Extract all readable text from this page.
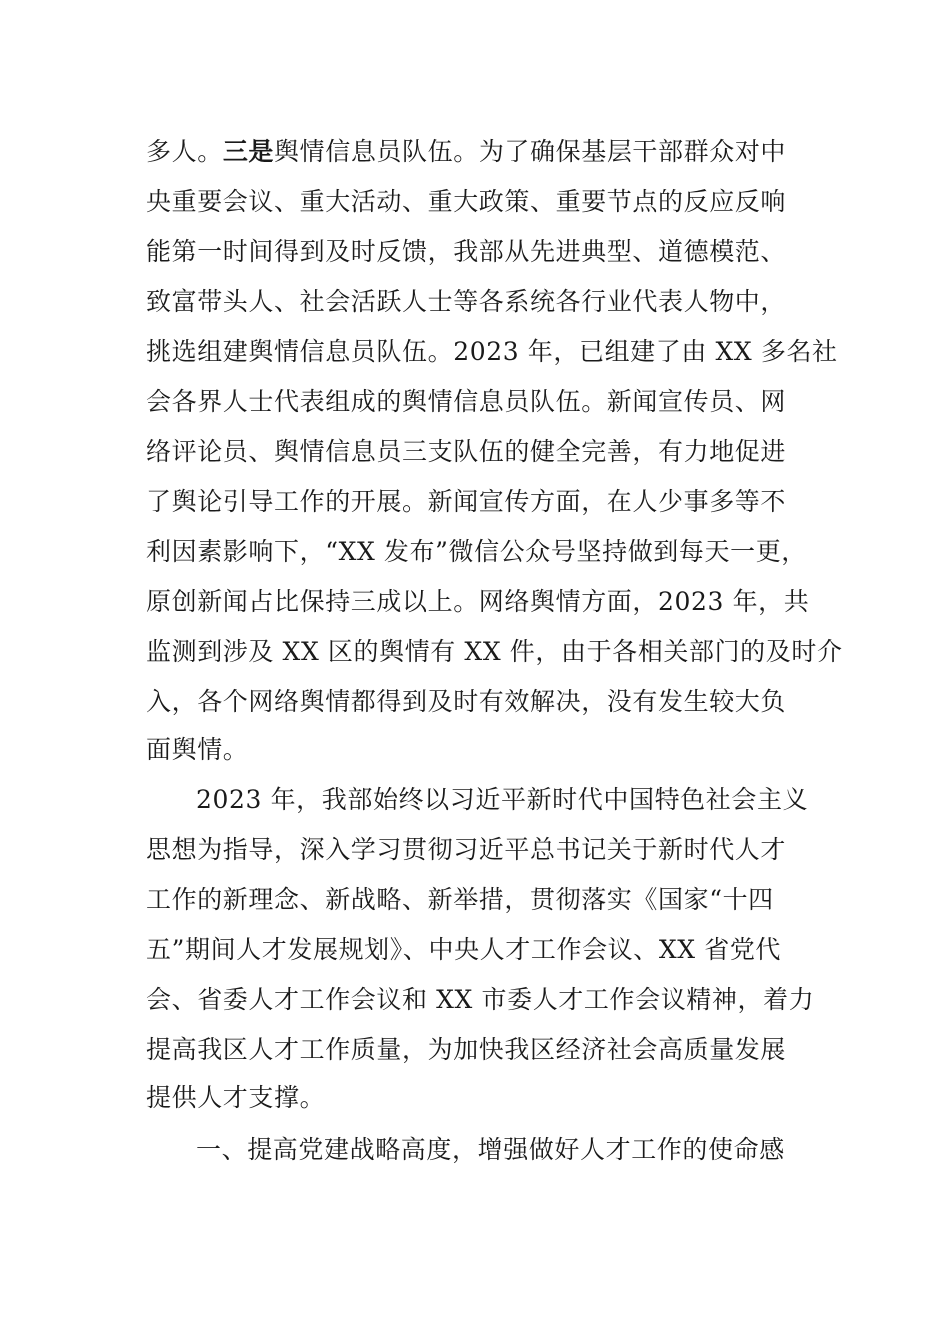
多人。三是舆情信息员队伍。为了确保基层干部群众对中
央重要会议、重大活动、重大政策、重要节点的反应反响
能第一时间得到及时反馈，我部从先进典型、道德模范、
致富带头人、社会活跃人士等各系统各行业代表人物中，
挑选组建舆情信息员队伍。2023 年，已组建了由 XX 多名社
会各界人士代表组成的舆情信息员队伍。新闻宣传员、网
络评论员、舆情信息员三支队伍的健全完善，有力地促进
了舆论引导工作的开展。新闻宣传方面，在人少事多等不
利因素影响下，“XX 发布”微信公众号坚持做到每天一更，
原创新闻占比保持三成以上。网络舆情方面，2023 年，共
监测到涉及 XX 区的舆情有 XX 件，由于各相关部门的及时介
入，各个网络舆情都得到及时有效解决，没有发生较大负
面舆情。
2023 年，我部始终以习近平新时代中国特色社会主义
思想为指导，深入学习贯彻习近平总书记关于新时代人才
工作的新理念、新战略、新举措，贯彻落实《国家“十四
五”期间人才发展规划》、中央人才工作会议、XX 省党代
会、省委人才工作会议和 XX 市委人才工作会议精神，着力
提高我区人才工作质量，为加快我区经济社会高质量发展
提供人才支撑。
一、提高党建战略高度，增强做好人才工作的使命感
